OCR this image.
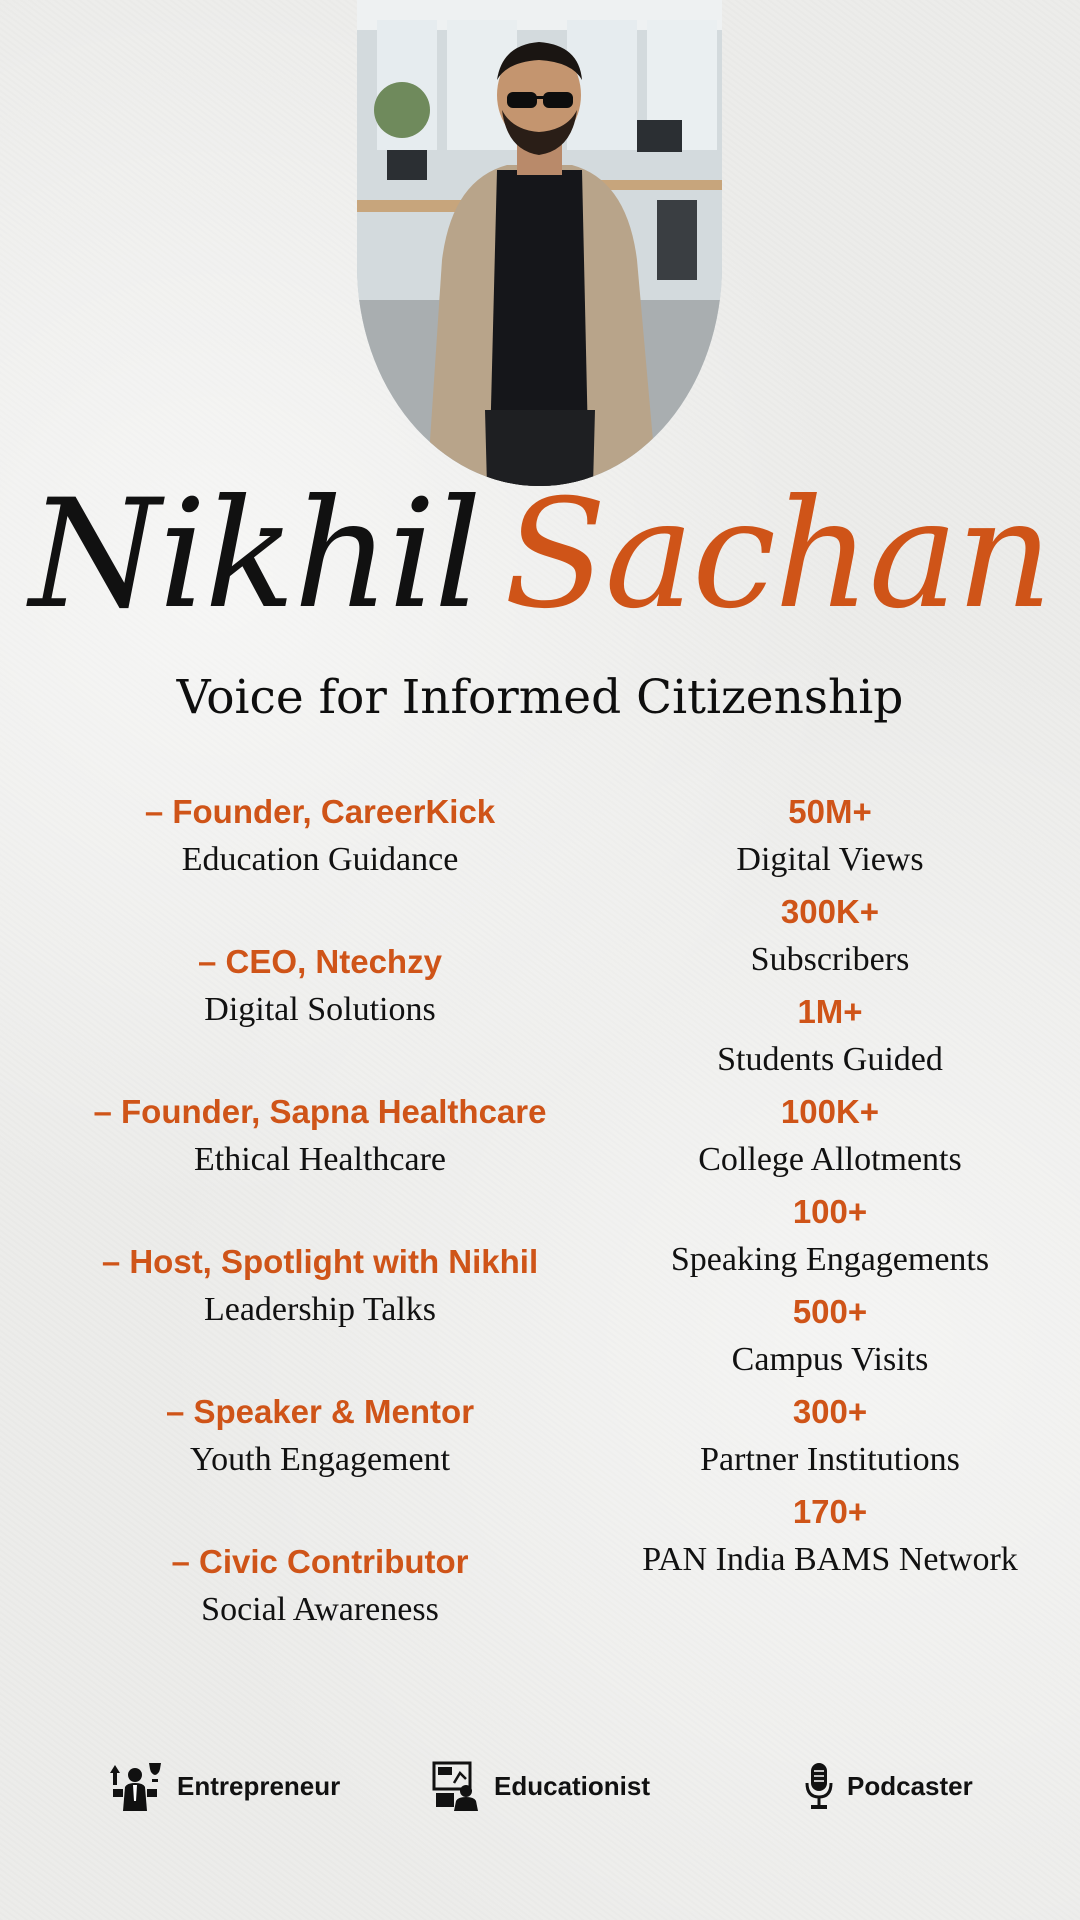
Nikhil Sachan
Voice for Informed Citizenship
– Founder, CareerKick
Education Guidance
– CEO, Ntechzy
Digital Solutions
– Founder, Sapna Healthcare
Ethical Healthcare
– Host, Spotlight with Nikhil
Leadership Talks
– Speaker & Mentor
Youth Engagement
– Civic Contributor
Social Awareness
50M+
Digital Views
300K+
Subscribers
1M+
Students Guided
100K+
College Allotments
100+
Speaking Engagements
500+
Campus Visits
300+
Partner Institutions
170+
PAN India BAMS Network
Entrepreneur	Educationist	Podcaster
